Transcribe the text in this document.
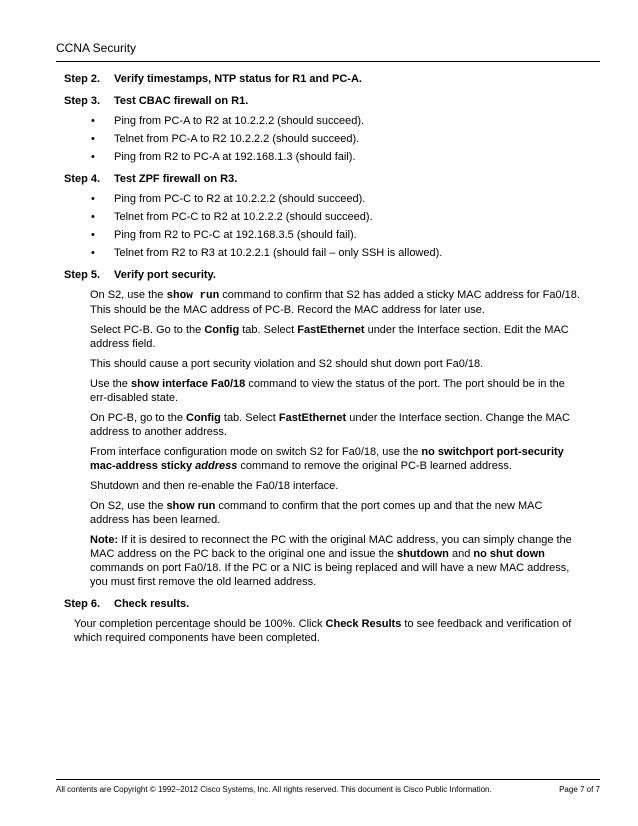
CCNA Security
Step 2.	Verify timestamps, NTP status for R1 and PC-A.
Step 3.	Test CBAC firewall on R1.
• Ping from PC-A to R2 at 10.2.2.2 (should succeed).
• Telnet from PC-A to R2 10.2.2.2 (should succeed).
• Ping from R2 to PC-A at 192.168.1.3 (should fail).
Step 4.	Test ZPF firewall on R3.
• Ping from PC-C to R2 at 10.2.2.2 (should succeed).
• Telnet from PC-C to R2 at 10.2.2.2 (should succeed).
• Ping from R2 to PC-C at 192.168.3.5 (should fail).
• Telnet from R2 to R3 at 10.2.2.1 (should fail – only SSH is allowed).
Step 5.	Verify port security.

On S2, use the show run command to confirm that S2 has added a sticky MAC address for Fa0/18. This should be the MAC address of PC-B. Record the MAC address for later use.

Select PC-B. Go to the Config tab. Select FastEthernet under the Interface section. Edit the MAC address field.

This should cause a port security violation and S2 should shut down port Fa0/18.

Use the show interface Fa0/18 command to view the status of the port. The port should be in the err-disabled state.

On PC-B, go to the Config tab. Select FastEthernet under the Interface section. Change the MAC address to another address.

From interface configuration mode on switch S2 for Fa0/18, use the no switchport port-security mac-address sticky address command to remove the original PC-B learned address.

Shutdown and then re-enable the Fa0/18 interface.

On S2, use the show run command to confirm that the port comes up and that the new MAC address has been learned.

Note: If it is desired to reconnect the PC with the original MAC address, you can simply change the MAC address on the PC back to the original one and issue the shutdown and no shut down commands on port Fa0/18. If the PC or a NIC is being replaced and will have a new MAC address, you must first remove the old learned address.

Step 6.	Check results.

Your completion percentage should be 100%. Click Check Results to see feedback and verification of which required components have been completed.

All contents are Copyright © 1992–2012 Cisco Systems, Inc. All rights reserved. This document is Cisco Public Information.	Page 7 of 7
